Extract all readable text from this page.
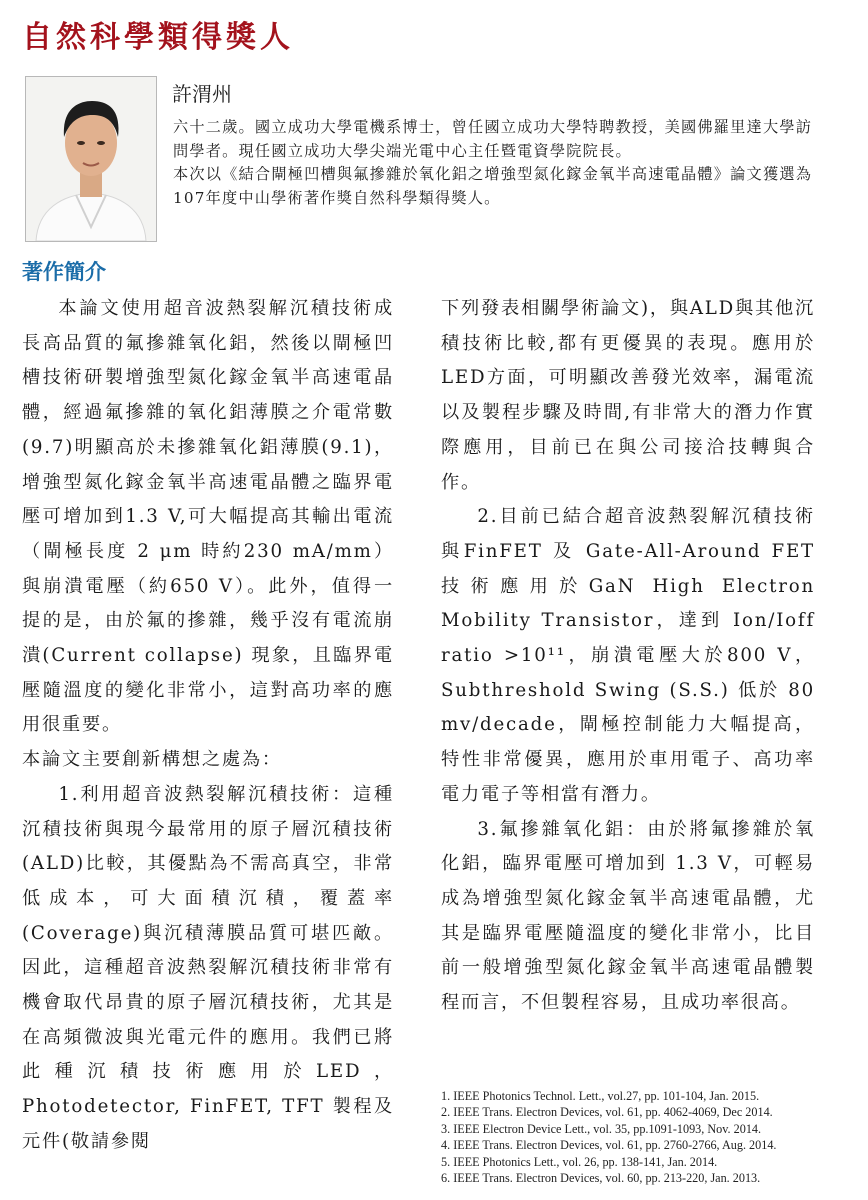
自然科學類得獎人
許渭州

六十二歲。國立成功大學電機系博士，曾任國立成功大學特聘教授，美國佛羅里達大學訪問學者。現任國立成功大學尖端光電中心主任暨電資學院院長。

本次以《結合閘極凹槽與氟摻雜於氧化鋁之增強型氮化鎵金氧半高速電晶體》論文獲選為107年度中山學術著作獎自然科學類得獎人。

著作簡介

本論文使用超音波熱裂解沉積技術成長高品質的氟摻雜氧化鋁，然後以閘極凹槽技術研製增強型氮化鎵金氧半高速電晶體，經過氟摻雜的氧化鋁薄膜之介電常數(9.7)明顯高於未摻雜氧化鋁薄膜(9.1)，增強型氮化鎵金氧半高速電晶體之臨界電壓可增加到1.3 V,可大幅提高其輸出電流（閘極長度 2 μm 時約230 mA/mm）與崩潰電壓（約650 V）。此外，值得一提的是，由於氟的摻雜，幾乎沒有電流崩潰(Current collapse) 現象，且臨界電壓隨溫度的變化非常小，這對高功率的應用很重要。

本論文主要創新構想之處為：

1.利用超音波熱裂解沉積技術：這種沉積技術與現今最常用的原子層沉積技術(ALD)比較，其優點為不需高真空，非常低成本，可大面積沉積，覆蓋率(Coverage)與沉積薄膜品質可堪匹敵。因此，這種超音波熱裂解沉積技術非常有機會取代昂貴的原子層沉積技術，尤其是在高頻微波與光電元件的應用。我們已將此種沉積技術應用於LED，Photodetector, FinFET, TFT 製程及元件(敬請參閱

下列發表相關學術論文)，與ALD與其他沉積技術比較,都有更優異的表現。應用於LED方面，可明顯改善發光效率，漏電流以及製程步驟及時間,有非常大的潛力作實際應用，目前已在與公司接洽技轉與合作。

2.目前已結合超音波熱裂解沉積技術與FinFET 及 Gate-All-Around FET 技術應用於GaN High Electron Mobility Transistor，達到 Ion/Ioff ratio >10¹¹，崩潰電壓大於800 V，Subthreshold Swing (S.S.) 低於 80 mv/decade，閘極控制能力大幅提高，特性非常優異，應用於車用電子、高功率電力電子等相當有潛力。

3.氟摻雜氧化鋁：由於將氟摻雜於氧化鋁，臨界電壓可增加到 1.3 V，可輕易成為增強型氮化鎵金氧半高速電晶體，尤其是臨界電壓隨溫度的變化非常小，比目前一般增強型氮化鎵金氧半高速電晶體製程而言，不但製程容易，且成功率很高。

1. IEEE Photonics Technol. Lett., vol.27, pp. 101-104, Jan. 2015.
2. IEEE Trans. Electron Devices, vol. 61, pp. 4062-4069, Dec 2014.
3. IEEE Electron Device Lett., vol. 35, pp.1091-1093, Nov. 2014.
4. IEEE Trans. Electron Devices, vol. 61, pp. 2760-2766, Aug. 2014.
5. IEEE Photonics Lett., vol. 26, pp. 138-141, Jan. 2014.
6. IEEE Trans. Electron Devices, vol. 60, pp. 213-220, Jan. 2013.
